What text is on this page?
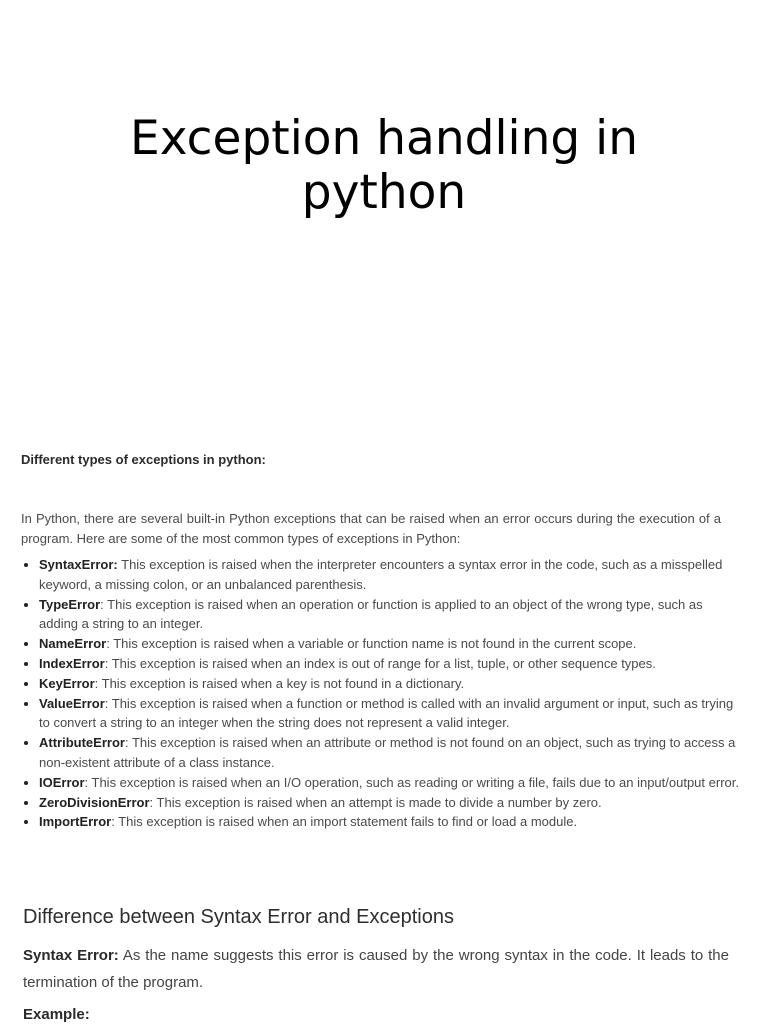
Exception handling in
python
Different types of exceptions in python:
In Python, there are several built-in Python exceptions that can be raised when an error occurs during the execution of a program. Here are some of the most common types of exceptions in Python:
• SyntaxError: This exception is raised when the interpreter encounters a syntax error in the code, such as a misspelled keyword, a missing colon, or an unbalanced parenthesis.
• TypeError: This exception is raised when an operation or function is applied to an object of the wrong type, such as adding a string to an integer.
• NameError: This exception is raised when a variable or function name is not found in the current scope.
• IndexError: This exception is raised when an index is out of range for a list, tuple, or other sequence types.
• KeyError: This exception is raised when a key is not found in a dictionary.
• ValueError: This exception is raised when a function or method is called with an invalid argument or input, such as trying to convert a string to an integer when the string does not represent a valid integer.
• AttributeError: This exception is raised when an attribute or method is not found on an object, such as trying to access a non-existent attribute of a class instance.
• IOError: This exception is raised when an I/O operation, such as reading or writing a file, fails due to an input/output error.
• ZeroDivisionError: This exception is raised when an attempt is made to divide a number by zero.
• ImportError: This exception is raised when an import statement fails to find or load a module.
Difference between Syntax Error and Exceptions
Syntax Error: As the name suggests this error is caused by the wrong syntax in the code. It leads to the termination of the program.
Example:
